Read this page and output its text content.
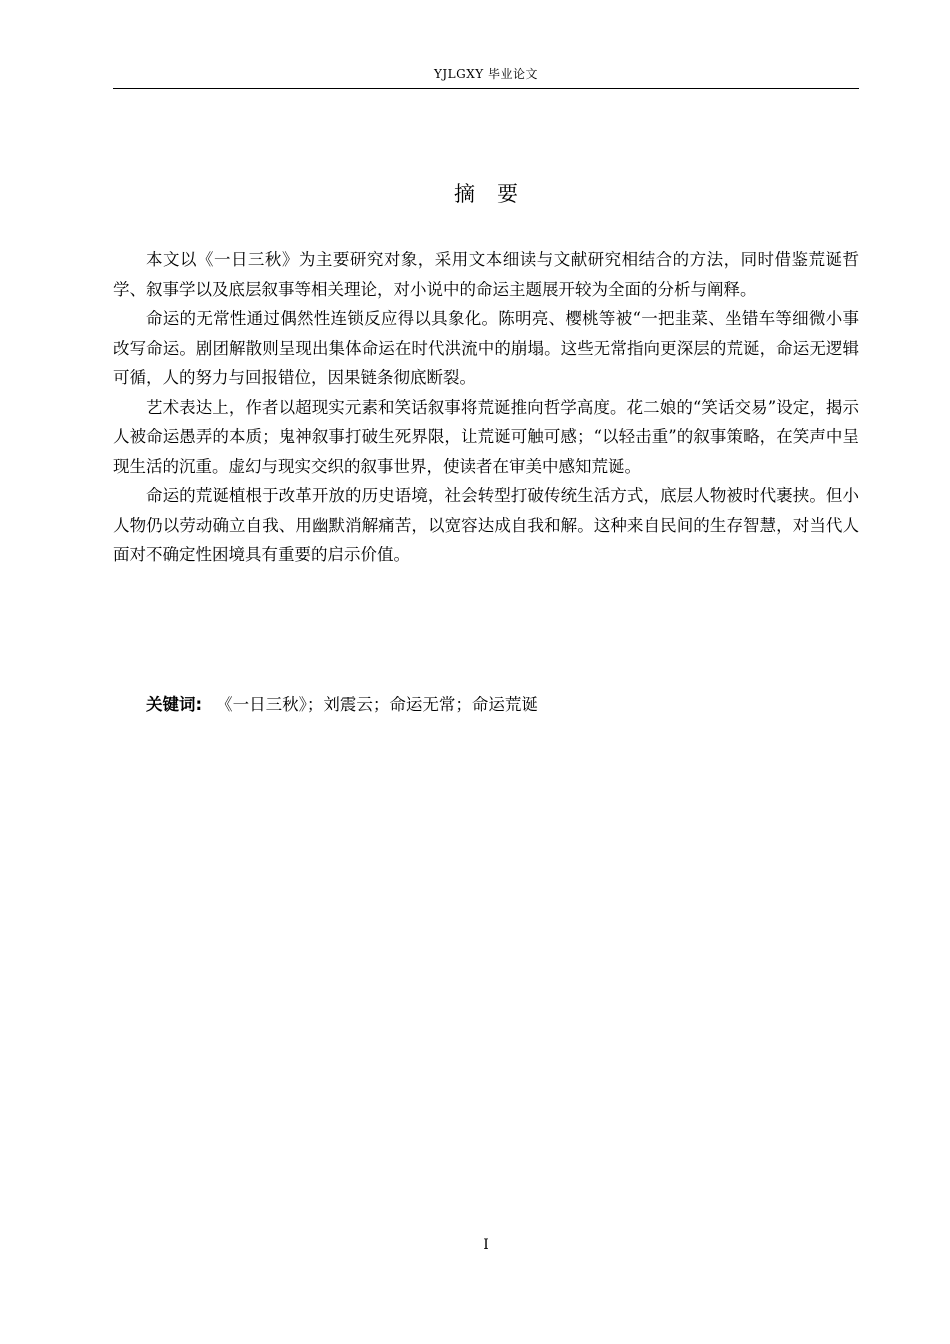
YJLGXY 毕业论文
摘要

本文以《一日三秋》为主要研究对象，采用文本细读与文献研究相结合的方法，同时借鉴荒诞哲学、叙事学以及底层叙事等相关理论，对小说中的命运主题展开较为全面的分析与阐释。

命运的无常性通过偶然性连锁反应得以具象化。陈明亮、樱桃等被“一把韭菜、坐错车等细微小事改写命运。剧团解散则呈现出集体命运在时代洪流中的崩塌。这些无常指向更深层的荒诞，命运无逻辑可循，人的努力与回报错位，因果链条彻底断裂。

艺术表达上，作者以超现实元素和笑话叙事将荒诞推向哲学高度。花二娘的“笑话交易”设定，揭示人被命运愚弄的本质；鬼神叙事打破生死界限，让荒诞可触可感；“以轻击重”的叙事策略，在笑声中呈现生活的沉重。虚幻与现实交织的叙事世界，使读者在审美中感知荒诞。

命运的荒诞植根于改革开放的历史语境，社会转型打破传统生活方式，底层人物被时代裹挟。但小人物仍以劳动确立自我、用幽默消解痛苦，以宽容达成自我和解。这种来自民间的生存智慧，对当代人面对不确定性困境具有重要的启示价值。

关键词: 《一日三秋》；刘震云；命运无常；命运荒诞
I
